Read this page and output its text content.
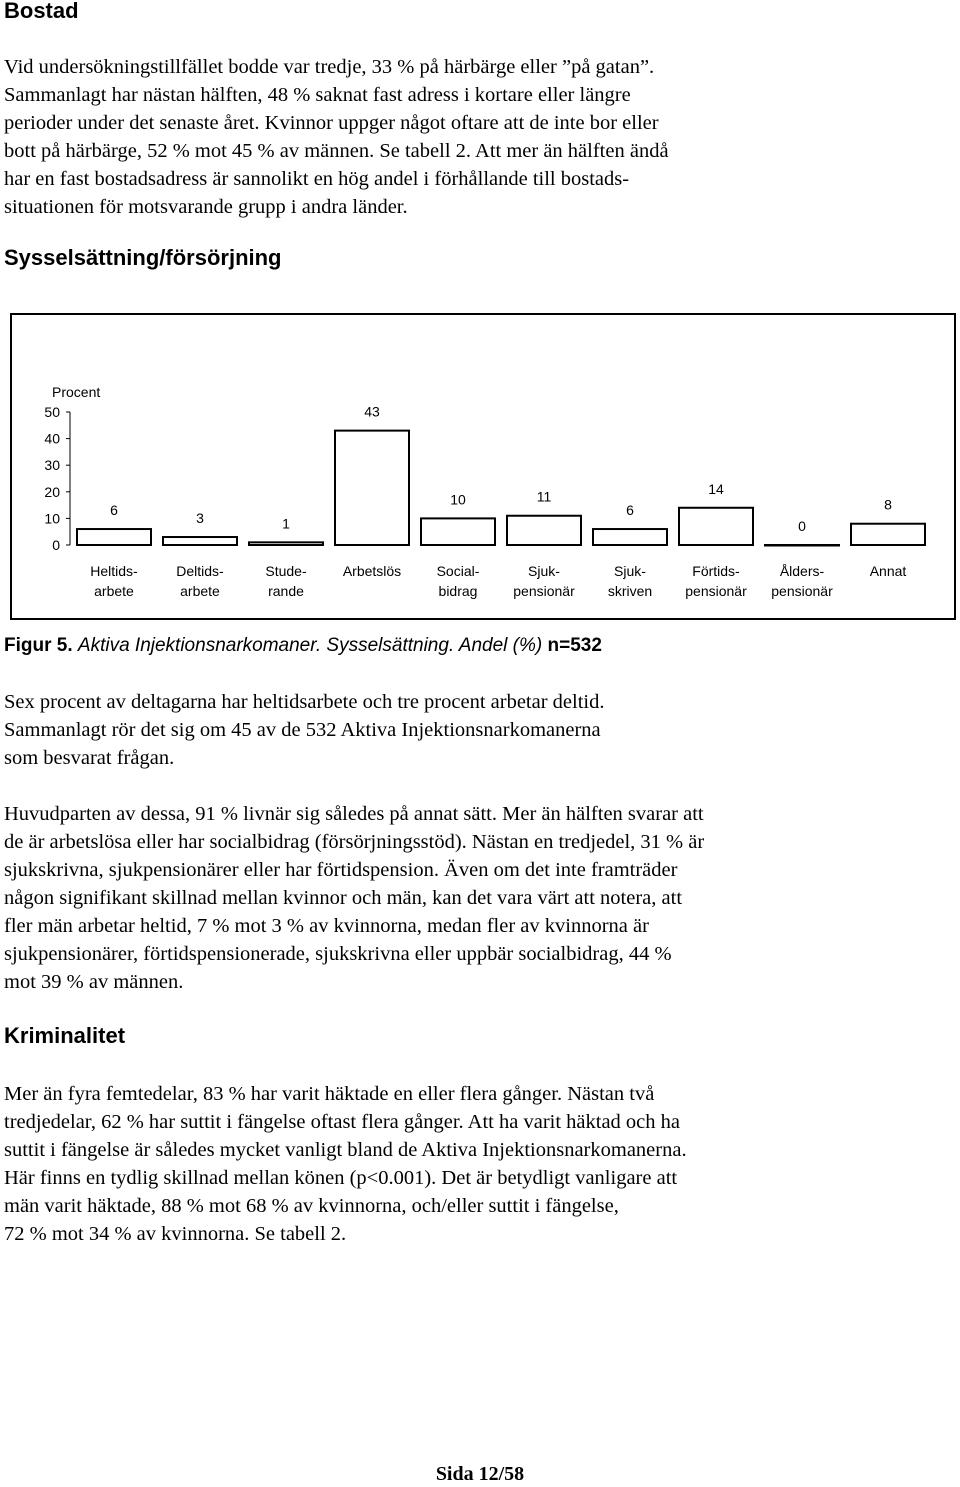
Bostad
Vid undersökningstillfället bodde var tredje, 33 % på härbärge eller ”på gatan”.
Sammanlagt har nästan hälften, 48 % saknat fast adress i kortare eller längre
perioder under det senaste året. Kvinnor uppger något oftare att de inte bor eller
bott på härbärge, 52 % mot 45 % av männen. Se tabell 2. Att mer än hälften ändå
har en fast bostadsadress är sannolikt en hög andel i förhållande till bostads-
situationen för motsvarande grupp i andra länder.
Sysselsättning/försörjning
0
10
20
30
40
50
Procent
6
Heltids-
arbete
3
Deltids-
arbete
1
Stude-
rande
43
Arbetslös
10
Social-
bidrag
11
Sjuk-
pensionär
6
Sjuk-
skriven
14
Förtids-
pensionär
0
Ålders-
pensionär
8
Annat

Figur 5. Aktiva Injektionsnarkomaner. Sysselsättning. Andel (%) n=532

Sex procent av deltagarna har heltidsarbete och tre procent arbetar deltid.
Sammanlagt rör det sig om 45 av de 532 Aktiva Injektionsnarkomanerna
som besvarat frågan.
Huvudparten av dessa, 91 % livnär sig således på annat sätt. Mer än hälften svarar att
de är arbetslösa eller har socialbidrag (försörjningsstöd). Nästan en tredjedel, 31 % är
sjukskrivna, sjukpensionärer eller har förtidspension. Även om det inte framträder
någon signifikant skillnad mellan kvinnor och män, kan det vara värt att notera, att
fler män arbetar heltid, 7 % mot 3 % av kvinnorna, medan fler av kvinnorna är
sjukpensionärer, förtidspensionerade, sjukskrivna eller uppbär socialbidrag, 44 %
mot 39 % av männen.
Kriminalitet
Mer än fyra femtedelar, 83 % har varit häktade en eller flera gånger. Nästan två
tredjedelar, 62 % har suttit i fängelse oftast flera gånger. Att ha varit häktad och ha
suttit i fängelse är således mycket vanligt bland de Aktiva Injektionsnarkomanerna.
Här finns en tydlig skillnad mellan könen (p<0.001). Det är betydligt vanligare att
män varit häktade, 88 % mot 68 % av kvinnorna, och/eller suttit i fängelse,
72 % mot 34 % av kvinnorna. Se tabell 2.

Sida 12/58
